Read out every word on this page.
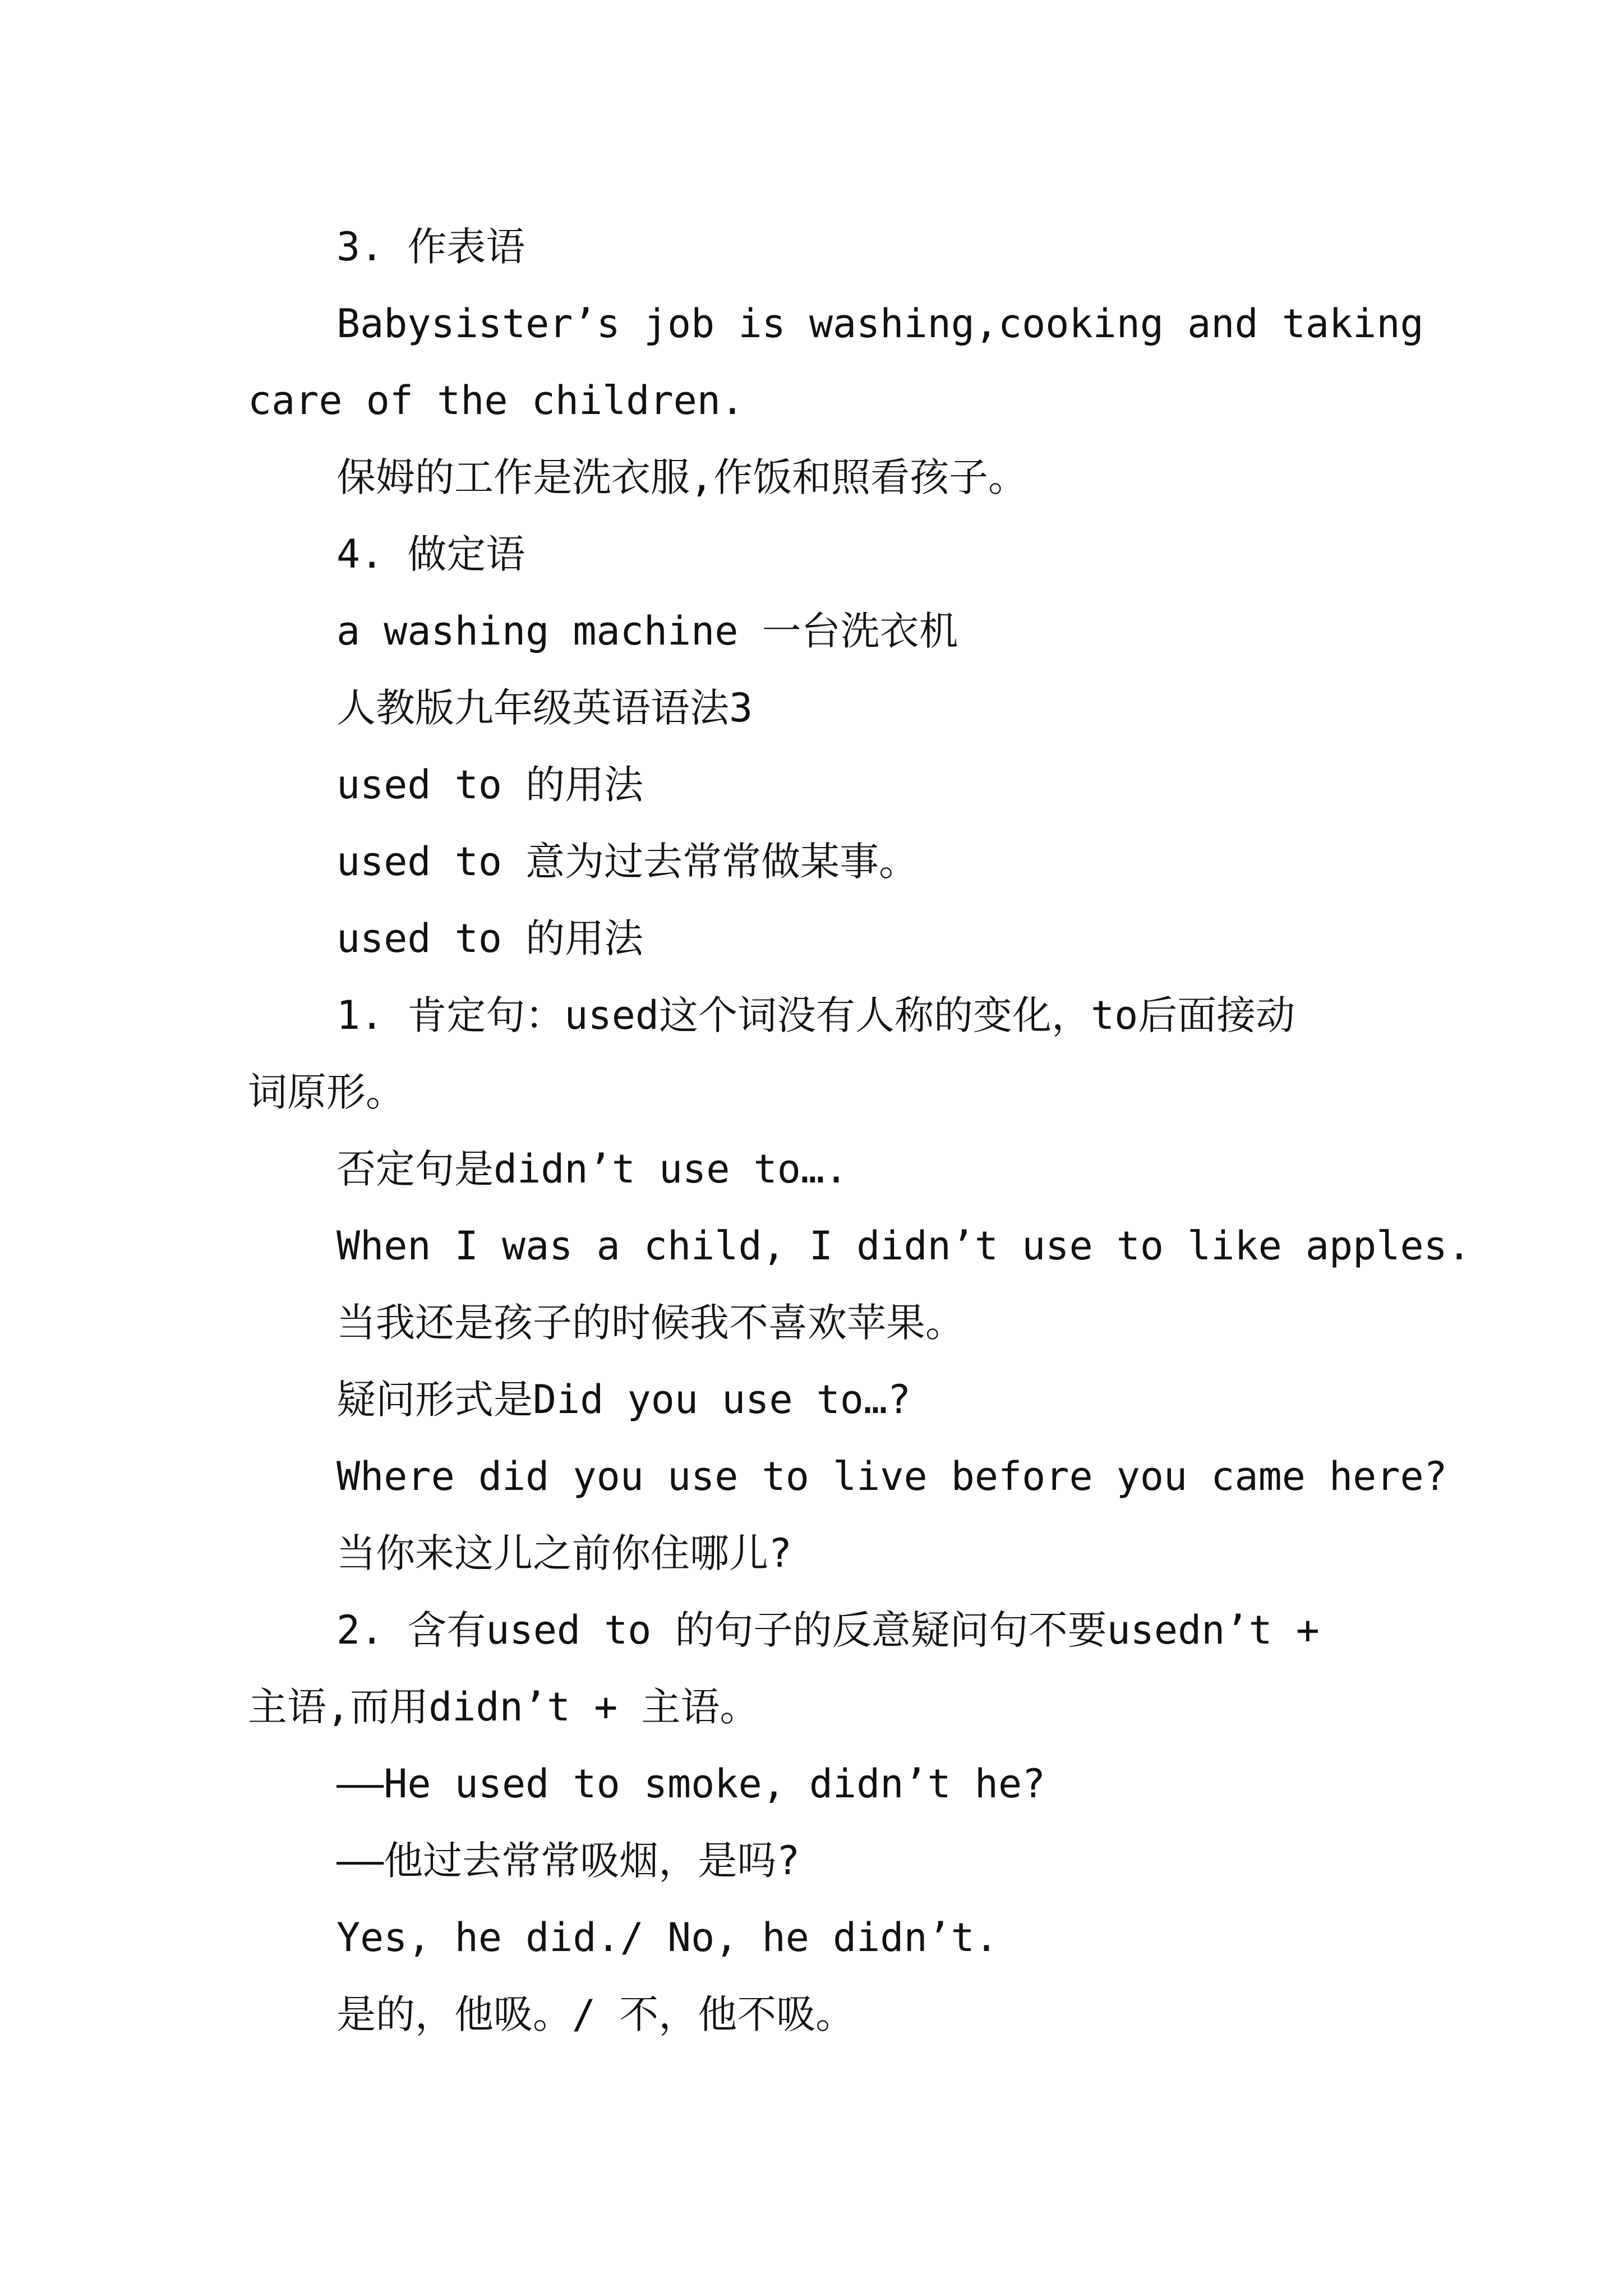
3. 作表语
Babysister’s job is washing,cooking and taking
care of the children.
保姆的工作是洗衣服,作饭和照看孩子。
4. 做定语
a washing machine 一台洗衣机
人教版九年级英语语法3
used to 的用法
used to 意为过去常常做某事。
used to 的用法
1. 肯定句：used这个词没有人称的变化，to后面接动
词原形。
否定句是didn’t use to….
When I was a child, I didn’t use to like apples.
当我还是孩子的时候我不喜欢苹果。
疑问形式是Did you use to…?
Where did you use to live before you came here?
当你来这儿之前你住哪儿?
2. 含有used to 的句子的反意疑问句不要usedn’t +
主语,而用didn’t + 主语。
——He used to smoke, didn’t he?
——他过去常常吸烟，是吗?
Yes, he did./ No, he didn’t.
是的，他吸。/ 不，他不吸。
